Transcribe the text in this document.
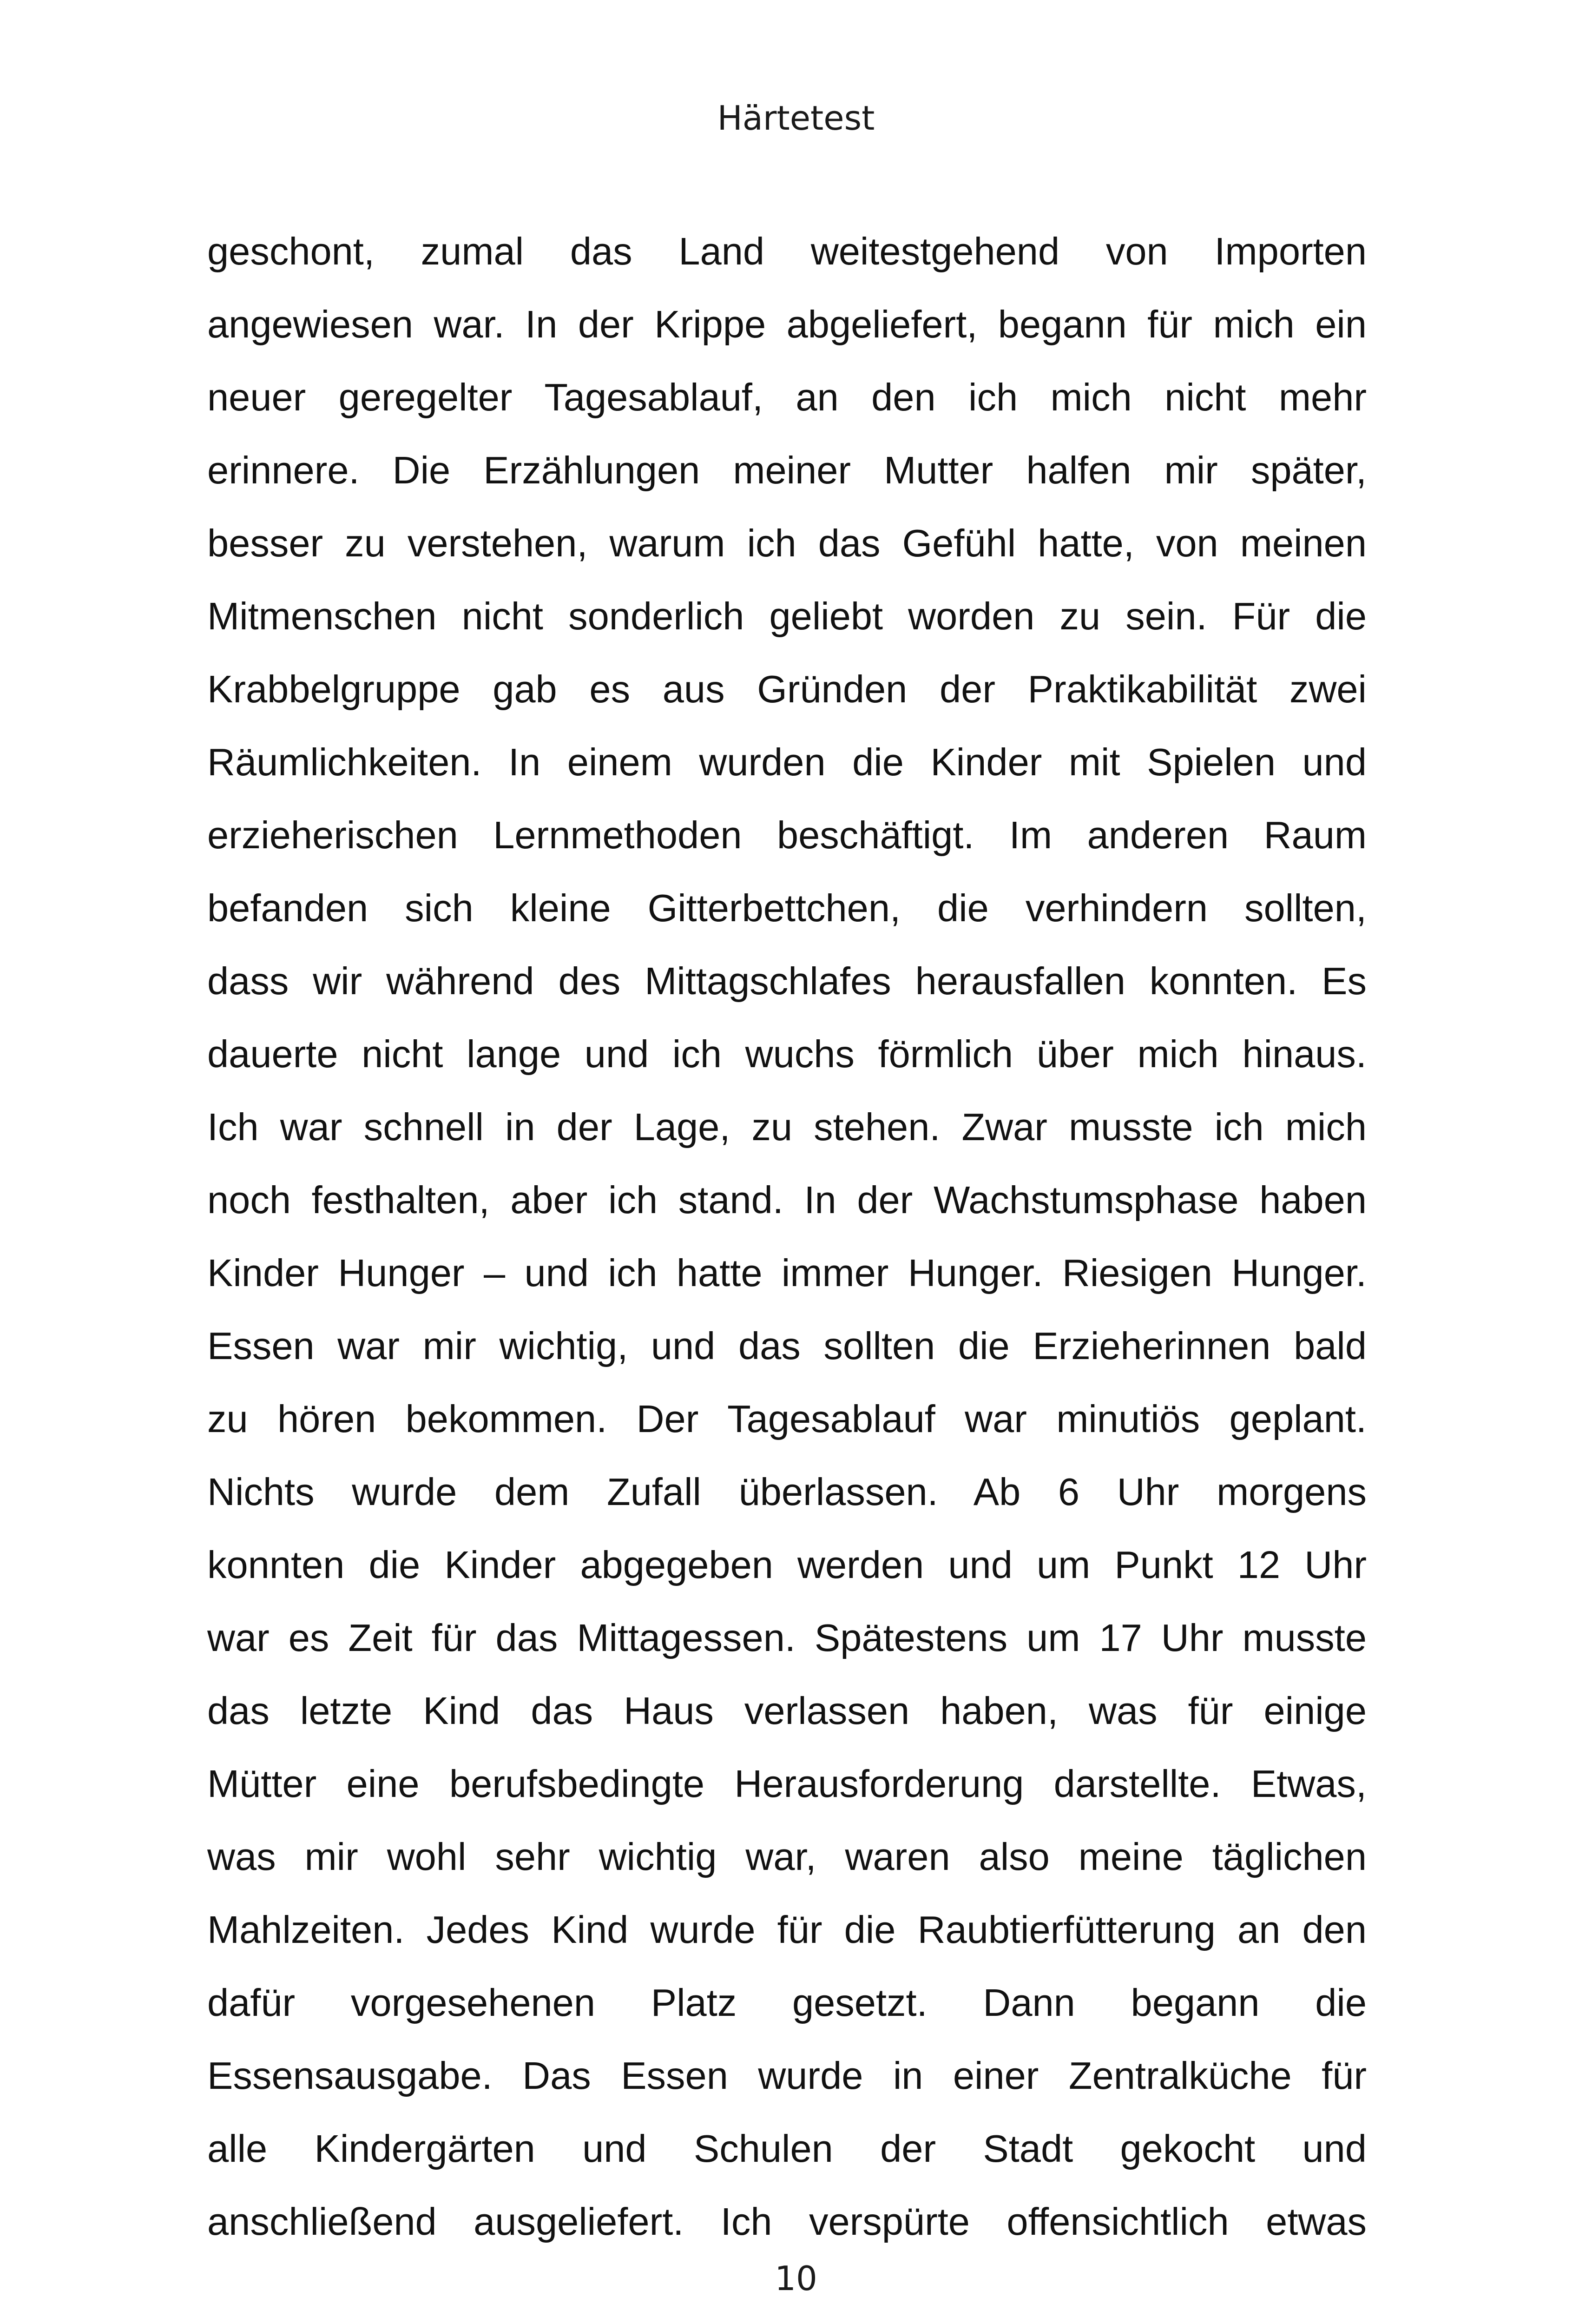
Härtetest
geschont, zumal das Land weitestgehend von Importen
angewiesen war. In der Krippe abgeliefert, begann für mich ein
neuer geregelter Tagesablauf, an den ich mich nicht mehr
erinnere. Die Erzählungen meiner Mutter halfen mir später,
besser zu verstehen, warum ich das Gefühl hatte, von meinen
Mitmenschen nicht sonderlich geliebt worden zu sein. Für die
Krabbelgruppe gab es aus Gründen der Praktikabilität zwei
Räumlichkeiten. In einem wurden die Kinder mit Spielen und
erzieherischen Lernmethoden beschäftigt. Im anderen Raum
befanden sich kleine Gitterbettchen, die verhindern sollten,
dass wir während des Mittagschlafes herausfallen konnten. Es
dauerte nicht lange und ich wuchs förmlich über mich hinaus.
Ich war schnell in der Lage, zu stehen. Zwar musste ich mich
noch festhalten, aber ich stand. In der Wachstumsphase haben
Kinder Hunger – und ich hatte immer Hunger. Riesigen Hunger.
Essen war mir wichtig, und das sollten die Erzieherinnen bald
zu hören bekommen. Der Tagesablauf war minutiös geplant.
Nichts wurde dem Zufall überlassen. Ab 6 Uhr morgens
konnten die Kinder abgegeben werden und um Punkt 12 Uhr
war es Zeit für das Mittagessen. Spätestens um 17 Uhr musste
das letzte Kind das Haus verlassen haben, was für einige
Mütter eine berufsbedingte Herausforderung darstellte. Etwas,
was mir wohl sehr wichtig war, waren also meine täglichen
Mahlzeiten. Jedes Kind wurde für die Raubtierfütterung an den
dafür vorgesehenen Platz gesetzt. Dann begann die
Essensausgabe. Das Essen wurde in einer Zentralküche für
alle Kindergärten und Schulen der Stadt gekocht und
anschließend ausgeliefert. Ich verspürte offensichtlich etwas
10
